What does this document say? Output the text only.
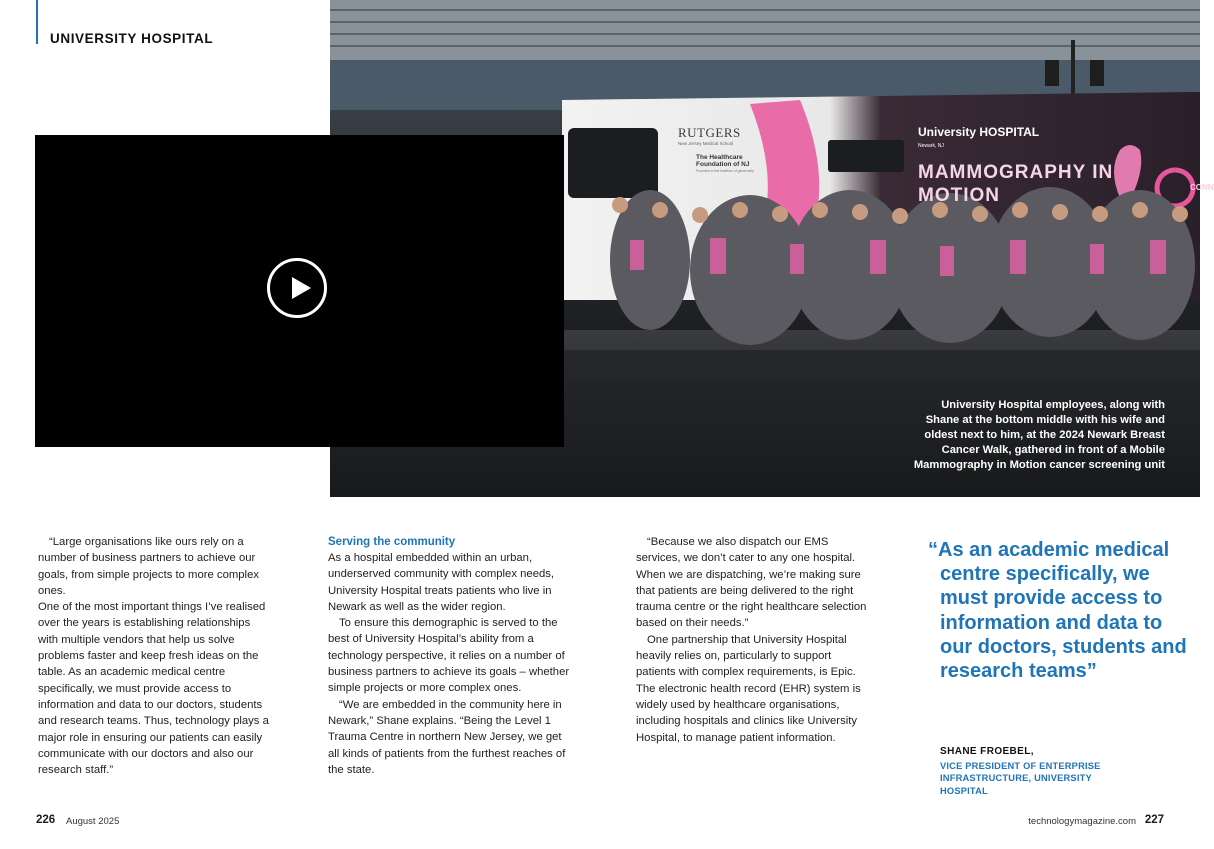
UNIVERSITY HOSPITAL
University HOSPITAL
Newark, NJ
MAMMOGRAPHY IN MOTION	CONN
RUTGERS
New Jersey Medical School
The Healthcare Foundation of NJ
Founded in the tradition of generosity
University Hospital employees, along with Shane at the bottom middle with his wife and oldest next to him, at the 2024 Newark Breast Cancer Walk, gathered in front of a Mobile Mammography in Motion cancer screening unit

“Large organisations like ours rely on a number of business partners to achieve our goals, from simple projects to more complex ones.

One of the most important things I’ve realised over the years is establishing relationships with multiple vendors that help us solve problems faster and keep fresh ideas on the table. As an academic medical centre specifically, we must provide access to information and data to our doctors, students and research teams. Thus, technology plays a major role in ensuring our patients can easily communicate with our doctors and also our research staff.”

Serving the community

As a hospital embedded within an urban, underserved community with complex needs, University Hospital treats patients who live in Newark as well as the wider region.

To ensure this demographic is served to the best of University Hospital’s ability from a technology perspective, it relies on a number of business partners to achieve its goals – whether simple projects or more complex ones.

“We are embedded in the community here in Newark,” Shane explains. “Being the Level 1 Trauma Centre in northern New Jersey, we get all kinds of patients from the furthest reaches of the state.

“Because we also dispatch our EMS services, we don’t cater to any one hospital. When we are dispatching, we’re making sure that patients are being delivered to the right trauma centre or the right healthcare selection based on their needs.”

One partnership that University Hospital heavily relies on, particularly to support patients with complex requirements, is Epic. The electronic health record (EHR) system is widely used by healthcare organisations, including hospitals and clinics like University Hospital, to manage patient information.

“As an academic medical centre specifically, we must provide access to information and data to our doctors, students and research teams”
SHANE FROEBEL,
VICE PRESIDENT OF ENTERPRISE INFRASTRUCTURE, UNIVERSITY HOSPITAL
226 August 2025	technologymagazine.com 227
